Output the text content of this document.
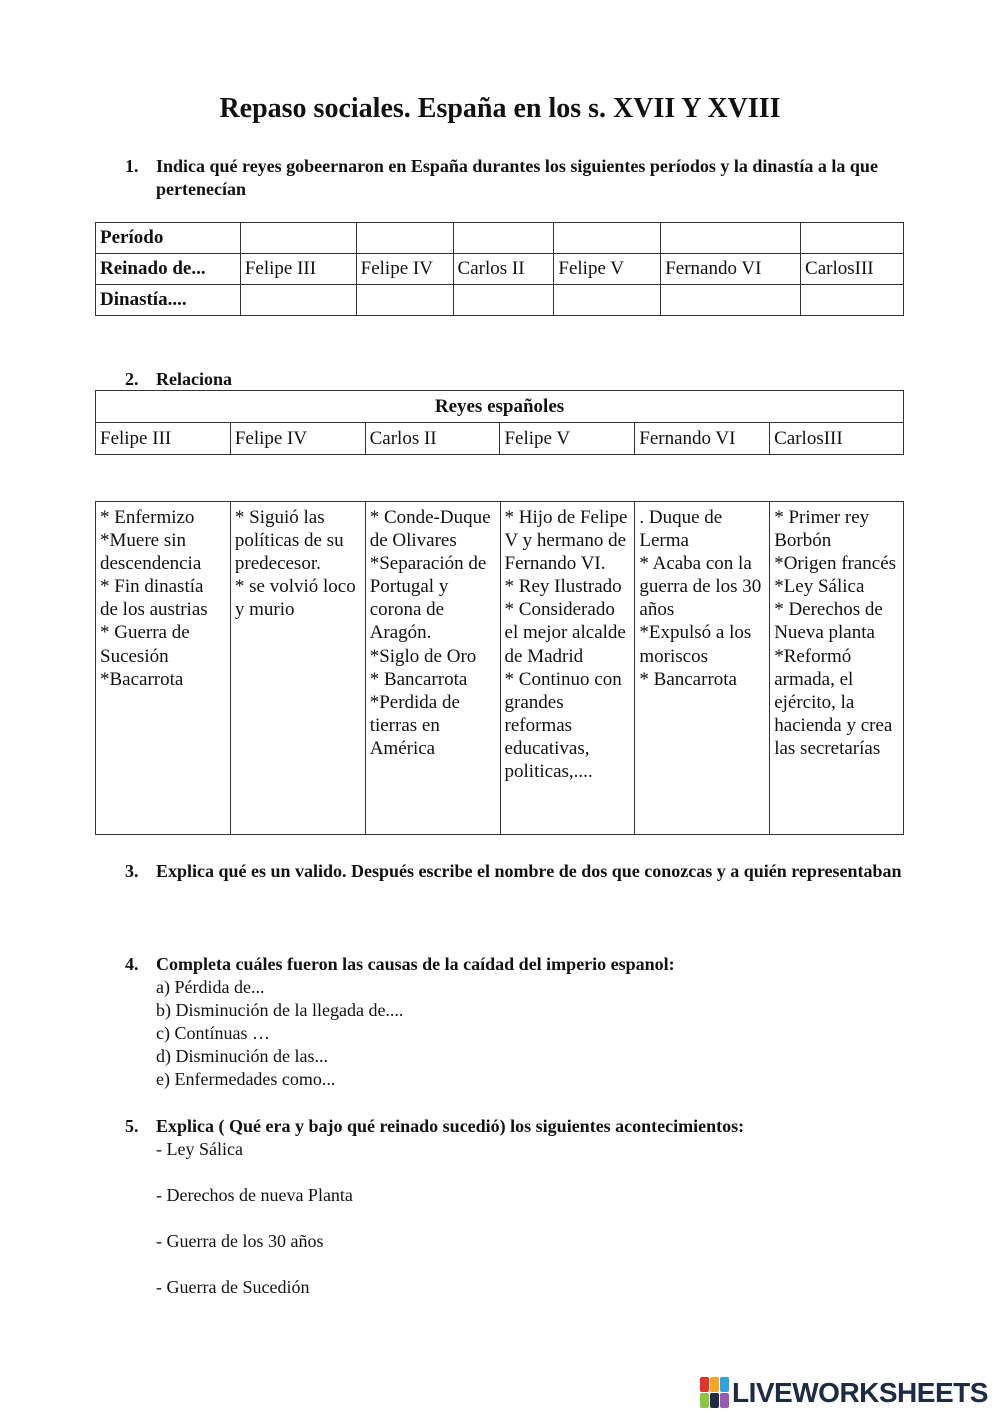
Repaso sociales. España en los s. XVII Y XVIII
1. Indica qué reyes gobeernaron en España durantes los siguientes períodos y la dinastía a la que pertenecían
Período						
Reinado de...	Felipe III	Felipe IV	Carlos II	Felipe V	Fernando VI	CarlosIII
Dinastía....						
2. Relaciona
Reyes españoles
Felipe III	Felipe IV	Carlos II	Felipe V	Fernando VI	CarlosIII
* Enfermizo
*Muere sin descendencia
* Fin dinastía de los austrias
* Guerra de Sucesión
*Bacarrota

* Siguió las políticas de su predecesor.
* se volvió loco y murio

* Conde-Duque de Olivares
*Separación de Portugal y corona de Aragón.
*Siglo de Oro
* Bancarrota
*Perdida de tierras en América

* Hijo de Felipe V y hermano de Fernando VI.
* Rey Ilustrado
* Considerado el mejor alcalde de Madrid
* Continuo con grandes reformas educativas, politicas,....

. Duque de Lerma
* Acaba con la guerra de los 30 años
*Expulsó a los moriscos
* Bancarrota

* Primer rey Borbón
*Origen francés
*Ley Sálica
* Derechos de Nueva planta
*Reformó armada, el ejército, la hacienda y crea las secretarías
3. Explica qué es un valido. Después escribe el nombre de dos que conozcas y a quién representaban
4. Completa cuáles fueron las causas de la caídad del imperio espanol:
a) Pérdida de...
b) Disminución de la llegada de....
c) Contínuas …
d) Disminución de las...
e) Enfermedades como...
5. Explica ( Qué era y bajo qué reinado sucedió) los siguientes acontecimientos:
- Ley Sálica
- Derechos de nueva Planta
- Guerra de los 30 años
- Guerra de Sucedión
LIVEWORKSHEETS
